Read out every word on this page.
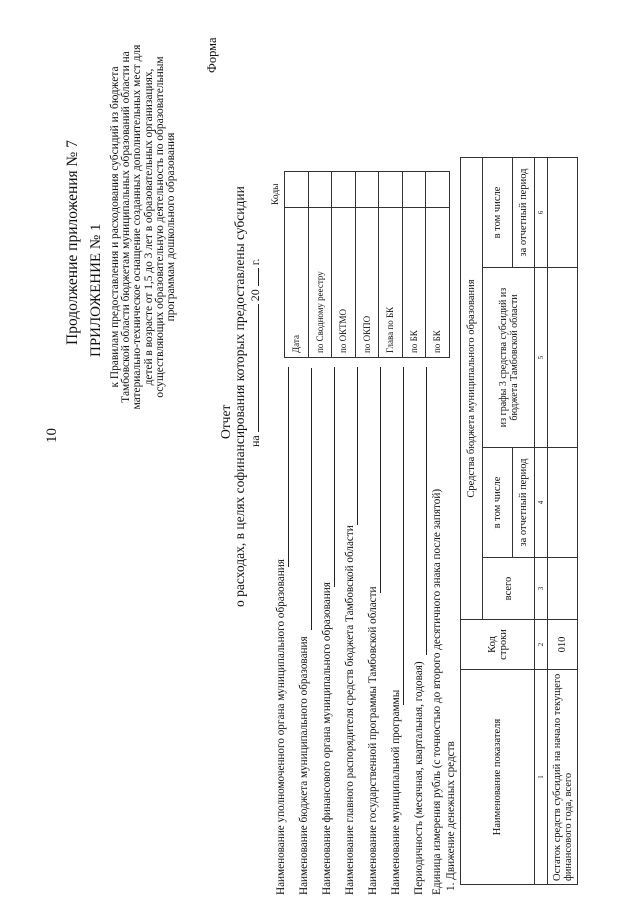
10
Продолжение приложения № 7 ПРИЛОЖЕНИЕ № 1 к Правилам предоставления и расходования субсидий из бюджета Тамбовской области бюджетам муниципальных образований области на материально-техническое оснащение созданных дополнительных мест для детей в возрасте от 1,5 до 3 лет в образовательных организациях, осуществляющих образовательную деятельность по образовательным программам дошкольного образования
Форма
Отчет о расходах, в целях софинансирования которых предоставлены субсидии на  20  г.
Наименование уполномоченного органа муниципального образования Наименование бюджета муниципального образования Наименование финансового органа муниципального образования Наименование главного распорядителя средств бюджета Тамбовской области Наименование государственной программы Тамбовской области Наименование муниципальной программы Периодичность (месячная, квартальная, годовая) Единица измерения рубль (с точностью до второго десятичного знака после запятой)
Коды
Дата	
по Сводному реестру	
по ОКТМО	
по ОКПО	
Глава по БК	
по БК	
по БК	
1. Движение денежных средств	Наименование показателя	Код строки	Средства бюджета муниципального образования			
		всего	в том числе	из графы 3 средства субсидий из бюджета Тамбовской области	в том числе
			за отчетный период		за отчетный период
1	2	3	4	5	6
Остаток средств субсидий на начало текущего финансового года, всего	010				
